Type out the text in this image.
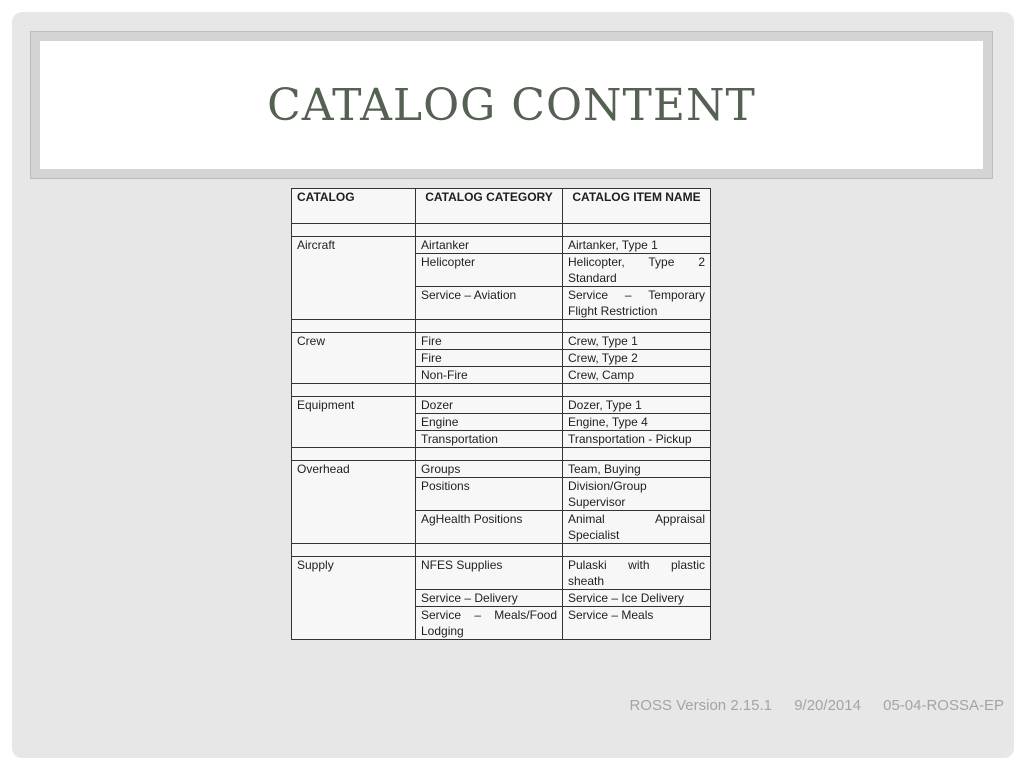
CATALOG CONTENT
CATALOG	CATALOG CATEGORY	CATALOG ITEM NAME

Aircraft	Airtanker	Airtanker, Type 1
	Helicopter	Helicopter, Type 2 Standard
	Service – Aviation	Service – Temporary Flight Restriction

Crew	Fire	Crew, Type 1
	Fire	Crew, Type 2
	Non-Fire	Crew, Camp

Equipment	Dozer	Dozer, Type 1
	Engine	Engine, Type 4
	Transportation	Transportation - Pickup

Overhead	Groups	Team, Buying
	Positions	Division/Group Supervisor
	AgHealth Positions	Animal Appraisal Specialist

Supply	NFES Supplies	Pulaski with plastic sheath
	Service – Delivery	Service – Ice Delivery
	Service – Meals/Food Lodging	Service – Meals
ROSS Version 2.15.1 9/20/2014 05-04-ROSSA-EP
